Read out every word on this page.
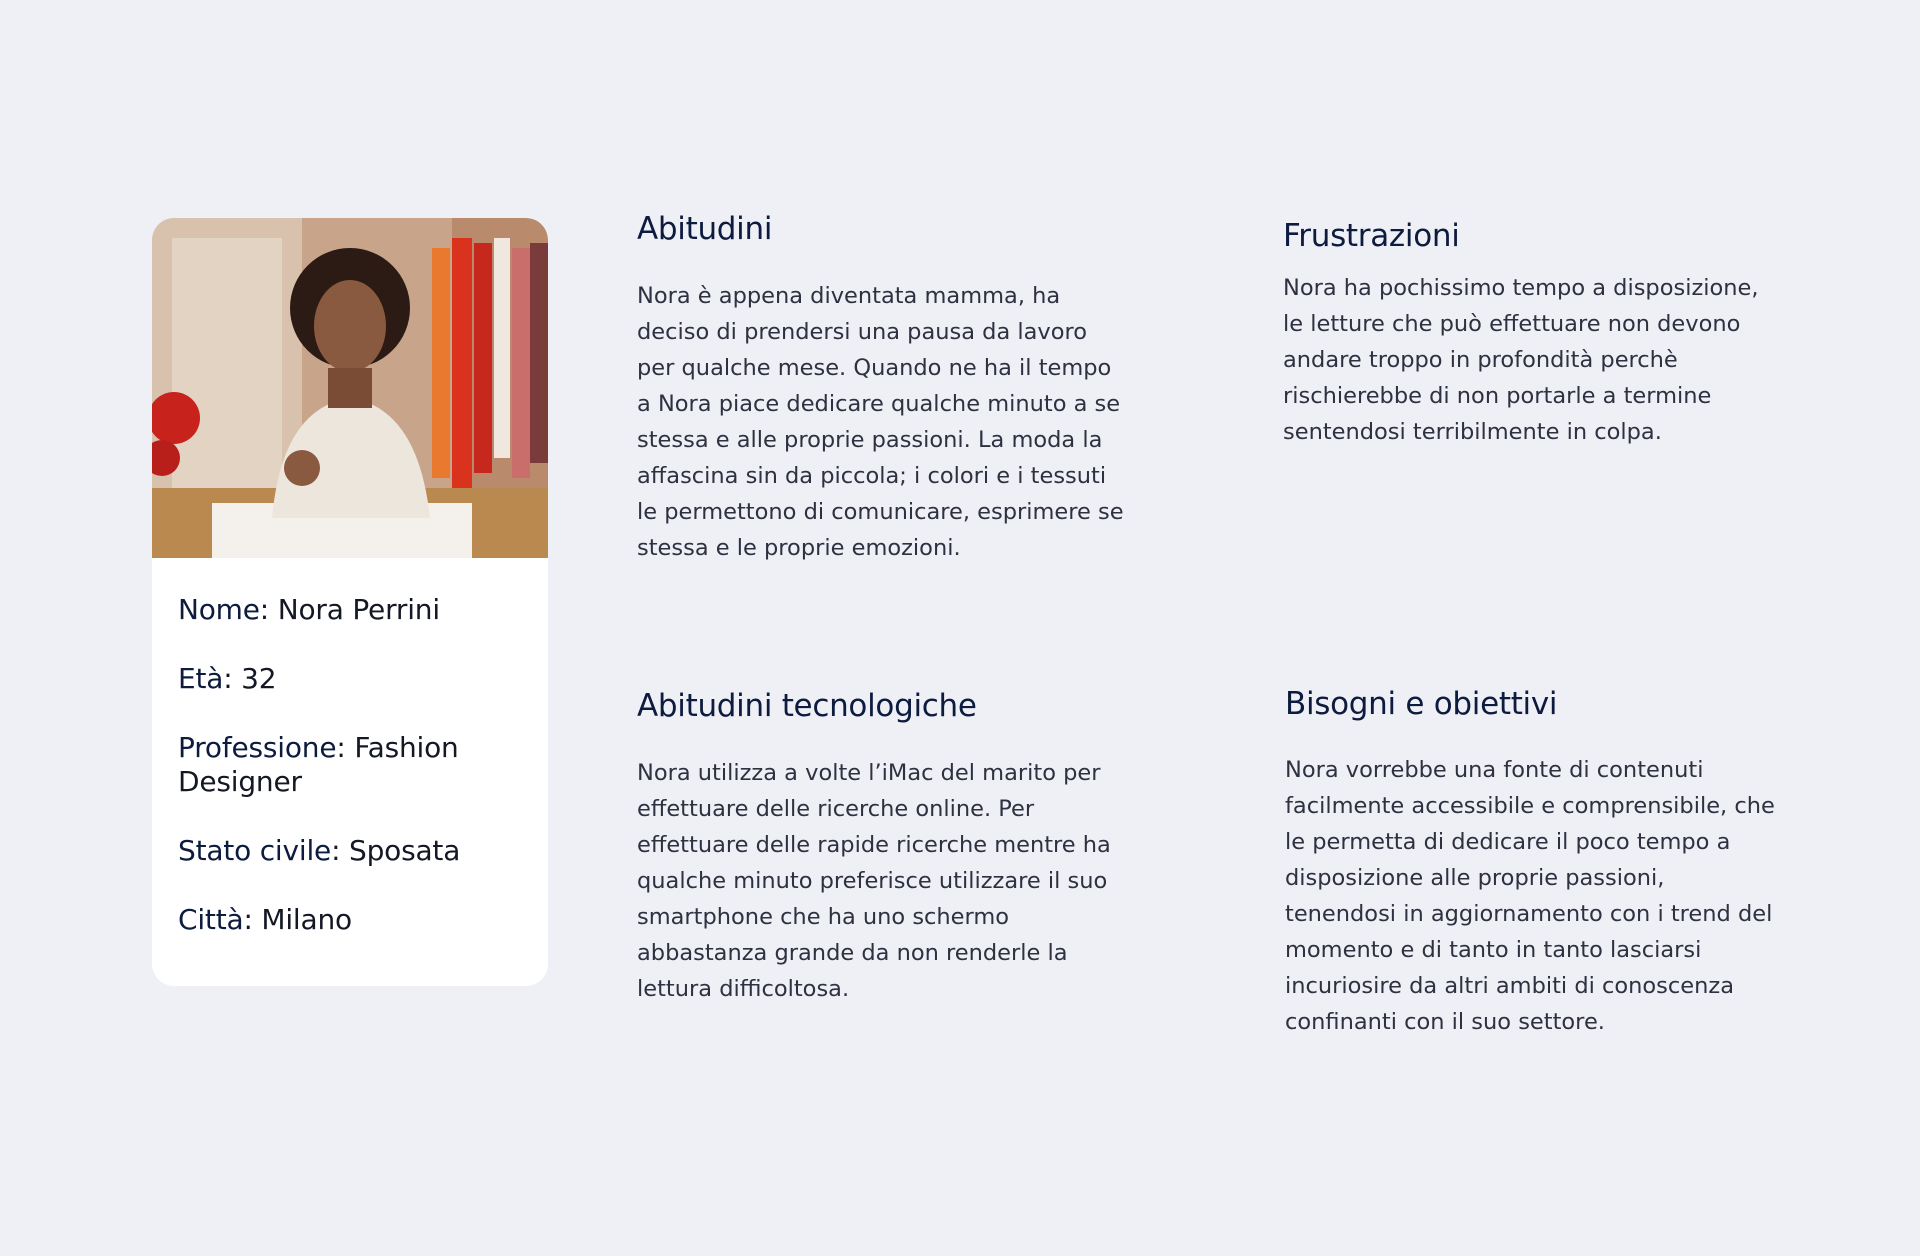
Nome: Nora Perrini
Età: 32
Professione: Fashion Designer
Stato civile: Sposata
Città: Milano
Abitudini

Nora è appena diventata mamma, ha deciso di prendersi una pausa da lavoro per qualche mese. Quando ne ha il tempo a Nora piace dedicare qualche minuto a se stessa e alle proprie passioni. La moda la affascina sin da piccola; i colori e i tessuti le permettono di comunicare, esprimere se stessa e le proprie emozioni.

Frustrazioni

Nora ha pochissimo tempo a disposizione, le letture che può effettuare non devono andare troppo in profondità perchè rischierebbe di non portarle a termine sentendosi terribilmente in colpa.

Abitudini tecnologiche

Nora utilizza a volte l’iMac del marito per effettuare delle ricerche online. Per effettuare delle rapide ricerche mentre ha qualche minuto preferisce utilizzare il suo smartphone che ha uno schermo abbastanza grande da non renderle la lettura difficoltosa.

Bisogni e obiettivi

Nora vorrebbe una fonte di contenuti facilmente accessibile e comprensibile, che le permetta di dedicare il poco tempo a disposizione alle proprie passioni, tenendosi in aggiornamento con i trend del momento e di tanto in tanto lasciarsi incuriosire da altri ambiti di conoscenza confinanti con il suo settore.
